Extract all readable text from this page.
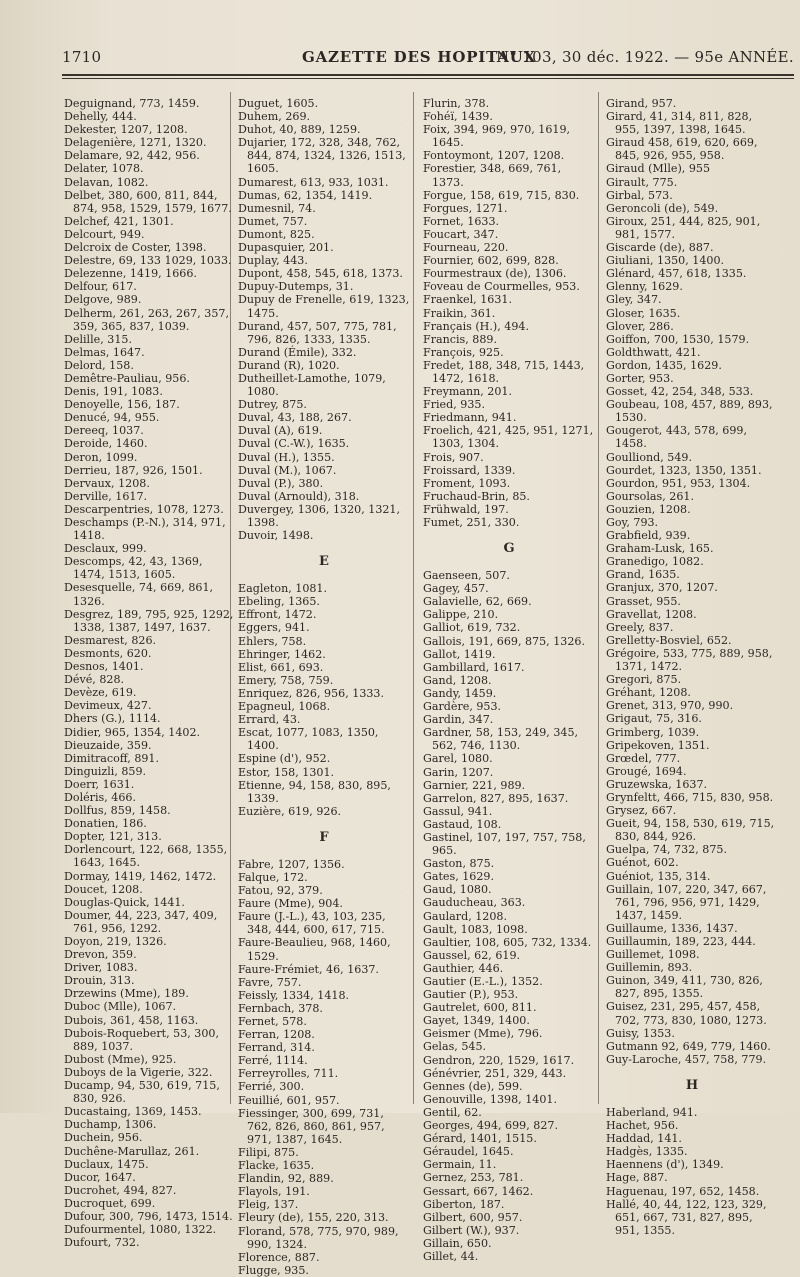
1710	GAZETTE DES HOPITAUX
N° 103, 30 déc. 1922. — 95e ANNÉE.
Deguignand, 773, 1459.
Dehelly, 444.
Dekester, 1207, 1208.
Delagenière, 1271, 1320.
Delamare, 92, 442, 956.
Delater, 1078.
Delavan, 1082.
Delbet, 380, 600, 811, 844, 874, 958, 1529, 1579, 1677.
Delchef, 421, 1301.
Delcourt, 949.
Delcroix de Coster, 1398.
Delestre, 69, 133 1029, 1033.
Delezenne, 1419, 1666.
Delfour, 617.
Delgove, 989.
Delherm, 261, 263, 267, 357, 359, 365, 837, 1039.
Delille, 315.
Delmas, 1647.
Delord, 158.
Demêtre-Pauliau, 956.
Denis, 191, 1083.
Denoyelle, 156, 187.
Denucé, 94, 955.
Dereeq, 1037.
Deroide, 1460.
Deron, 1099.
Derrieu, 187, 926, 1501.
Dervaux, 1208.
Derville, 1617.
Descarpentries, 1078, 1273.
Deschamps (P.-N.), 314, 971, 1418.
Desclaux, 999.
Descomps, 42, 43, 1369, 1474, 1513, 1605.
Desesquelle, 74, 669, 861, 1326.
Desgrez, 189, 795, 925, 1292, 1338, 1387, 1497, 1637.
Desmarest, 826.
Desmonts, 620.
Desnos, 1401.
Dévé, 828.
Devèze, 619.
Devimeux, 427.
Dhers (G.), 1114.
Didier, 965, 1354, 1402.
Dieuzaide, 359.
Dimitracoff, 891.
Dinguizli, 859.
Doerr, 1631.
Doléris, 466.
Dollfus, 859, 1458.
Donatien, 186.
Dopter, 121, 313.
Dorlencourt, 122, 668, 1355, 1643, 1645.
Dormay, 1419, 1462, 1472.
Doucet, 1208.
Douglas-Quick, 1441.
Doumer, 44, 223, 347, 409, 761, 956, 1292.
Doyon, 219, 1326.
Drevon, 359.
Driver, 1083.
Drouin, 313.
Drzewins (Mme), 189.
Duboc (Mlle), 1067.
Dubois, 361, 458, 1163.
Dubois-Roquebert, 53, 300, 889, 1037.
Dubost (Mme), 925.
Duboys de la Vigerie, 322.
Ducamp, 94, 530, 619, 715, 830, 926.
Ducastaing, 1369, 1453.
Duchamp, 1306.
Duchein, 956.
Duchêne-Marullaz, 261.
Duclaux, 1475.
Ducor, 1647.
Ducrohet, 494, 827.
Ducroquet, 699.
Dufour, 300, 796, 1473, 1514.
Dufourmentel, 1080, 1322.
Dufourt, 732.
Duguet, 1605.
Duhem, 269.
Duhot, 40, 889, 1259.
Dujarier, 172, 328, 348, 762, 844, 874, 1324, 1326, 1513, 1605.
Dumarest, 613, 933, 1031.
Dumas, 62, 1354, 1419.
Dumesnil, 74.
Dumet, 757.
Dumont, 825.
Dupasquier, 201.
Duplay, 443.
Dupont, 458, 545, 618, 1373.
Dupuy-Dutemps, 31.
Dupuy de Frenelle, 619, 1323, 1475.
Durand, 457, 507, 775, 781, 796, 826, 1333, 1335.
Durand (Émile), 332.
Durand (R), 1020.
Dutheillet-Lamothe, 1079, 1080.
Dutrey, 875.
Duval, 43, 188, 267.
Duval (A), 619.
Duval (C.-W.), 1635.
Duval (H.), 1355.
Duval (M.), 1067.
Duval (P.), 380.
Duval (Arnould), 318.
Duvergey, 1306, 1320, 1321, 1398.
Duvoir, 1498.
E
Eagleton, 1081.
Ebeling, 1365.
Effront, 1472.
Eggers, 941.
Ehlers, 758.
Ehringer, 1462.
Elist, 661, 693.
Emery, 758, 759.
Enriquez, 826, 956, 1333.
Epagneul, 1068.
Errard, 43.
Escat, 1077, 1083, 1350, 1400.
Espine (d'), 952.
Estor, 158, 1301.
Etienne, 94, 158, 830, 895, 1339.
Euzière, 619, 926.
F
Fabre, 1207, 1356.
Falque, 172.
Fatou, 92, 379.
Faure (Mme), 904.
Faure (J.-L.), 43, 103, 235, 348, 444, 600, 617, 715.
Faure-Beaulieu, 968, 1460, 1529.
Faure-Frémiet, 46, 1637.
Favre, 757.
Feissly, 1334, 1418.
Fernbach, 378.
Fernet, 578.
Ferran, 1208.
Ferrand, 314.
Ferré, 1114.
Ferreyrolles, 711.
Ferrié, 300.
Feuillié, 601, 957.
Fiessinger, 300, 699, 731, 762, 826, 860, 861, 957, 971, 1387, 1645.
Filipi, 875.
Flacke, 1635.
Flandin, 92, 889.
Flayols, 191.
Fleig, 137.
Fleury (de), 155, 220, 313.
Florand, 578, 775, 970, 989, 990, 1324.
Florence, 887.
Flugge, 935.
Flurin, 378.
Fohéï, 1439.
Foix, 394, 969, 970, 1619, 1645.
Fontoymont, 1207, 1208.
Forestier, 348, 669, 761, 1373.
Forgue, 158, 619, 715, 830.
Forgues, 1271.
Fornet, 1633.
Foucart, 347.
Fourneau, 220.
Fournier, 602, 699, 828.
Fourmestraux (de), 1306.
Foveau de Courmelles, 953.
Fraenkel, 1631.
Fraikin, 361.
Français (H.), 494.
Francis, 889.
François, 925.
Fredet, 188, 348, 715, 1443, 1472, 1618.
Freymann, 201.
Fried, 935.
Friedmann, 941.
Froelich, 421, 425, 951, 1271, 1303, 1304.
Frois, 907.
Froissard, 1339.
Froment, 1093.
Fruchaud-Brin, 85.
Frühwald, 197.
Fumet, 251, 330.
G
Gaenseen, 507.
Gagey, 457.
Galavielle, 62, 669.
Galippe, 210.
Galliot, 619, 732.
Gallois, 191, 669, 875, 1326.
Gallot, 1419.
Gambillard, 1617.
Gand, 1208.
Gandy, 1459.
Gardère, 953.
Gardin, 347.
Gardner, 58, 153, 249, 345, 562, 746, 1130.
Garel, 1080.
Garin, 1207.
Garnier, 221, 989.
Garrelon, 827, 895, 1637.
Gassul, 941.
Gastaud, 108.
Gastinel, 107, 197, 757, 758, 965.
Gaston, 875.
Gates, 1629.
Gaud, 1080.
Gauducheau, 363.
Gaulard, 1208.
Gault, 1083, 1098.
Gaultier, 108, 605, 732, 1334.
Gaussel, 62, 619.
Gauthier, 446.
Gautier (E.-L.), 1352.
Gautier (P.), 953.
Gautrelet, 600, 811.
Gayet, 1349, 1400.
Geismer (Mme), 796.
Gelas, 545.
Gendron, 220, 1529, 1617.
Génévrier, 251, 329, 443.
Gennes (de), 599.
Genouville, 1398, 1401.
Gentil, 62.
Georges, 494, 699, 827.
Gérard, 1401, 1515.
Géraudel, 1645.
Germain, 11.
Gernez, 253, 781.
Gessart, 667, 1462.
Giberton, 187.
Gilbert, 600, 957.
Gilbert (W.), 937.
Gillain, 650.
Gillet, 44.
Girand, 957.
Girard, 41, 314, 811, 828, 955, 1397, 1398, 1645.
Giraud 458, 619, 620, 669, 845, 926, 955, 958.
Giraud (Mlle), 955
Girault, 775.
Girbal, 573.
Geroncoli (de), 549.
Giroux, 251, 444, 825, 901, 981, 1577.
Giscarde (de), 887.
Giuliani, 1350, 1400.
Glénard, 457, 618, 1335.
Glenny, 1629.
Gley, 347.
Gloser, 1635.
Glover, 286.
Goiffon, 700, 1530, 1579.
Goldthwatt, 421.
Gordon, 1435, 1629.
Gorter, 953.
Gosset, 42, 254, 348, 533.
Goubeau, 108, 457, 889, 893, 1530.
Gougerot, 443, 578, 699, 1458.
Goulliond, 549.
Gourdet, 1323, 1350, 1351.
Gourdon, 951, 953, 1304.
Goursolas, 261.
Gouzien, 1208.
Goy, 793.
Grabfield, 939.
Graham-Lusk, 165.
Granedigo, 1082.
Grand, 1635.
Granjux, 370, 1207.
Grasset, 955.
Gravellat, 1208.
Greely, 837.
Grelletty-Bosviel, 652.
Grégoire, 533, 775, 889, 958, 1371, 1472.
Gregori, 875.
Gréhant, 1208.
Grenet, 313, 970, 990.
Grigaut, 75, 316.
Grimberg, 1039.
Gripekoven, 1351.
Grœdel, 777.
Grougé, 1694.
Gruzewska, 1637.
Grynfeltt, 466, 715, 830, 958.
Grysez, 667.
Gueit, 94, 158, 530, 619, 715, 830, 844, 926.
Guelpa, 74, 732, 875.
Guénot, 602.
Guéniot, 135, 314.
Guillain, 107, 220, 347, 667, 761, 796, 956, 971, 1429, 1437, 1459.
Guillaume, 1336, 1437.
Guillaumin, 189, 223, 444.
Guillemet, 1098.
Guillemin, 893.
Guinon, 349, 411, 730, 826, 827, 895, 1355.
Guisez, 231, 295, 457, 458, 702, 773, 830, 1080, 1273.
Guisy, 1353.
Gutmann 92, 649, 779, 1460.
Guy-Laroche, 457, 758, 779.
H
Haberland, 941.
Hachet, 956.
Haddad, 141.
Hadgès, 1335.
Haennens (d'), 1349.
Hage, 887.
Haguenau, 197, 652, 1458.
Hallé, 40, 44, 122, 123, 329, 651, 667, 731, 827, 895, 951, 1355.
